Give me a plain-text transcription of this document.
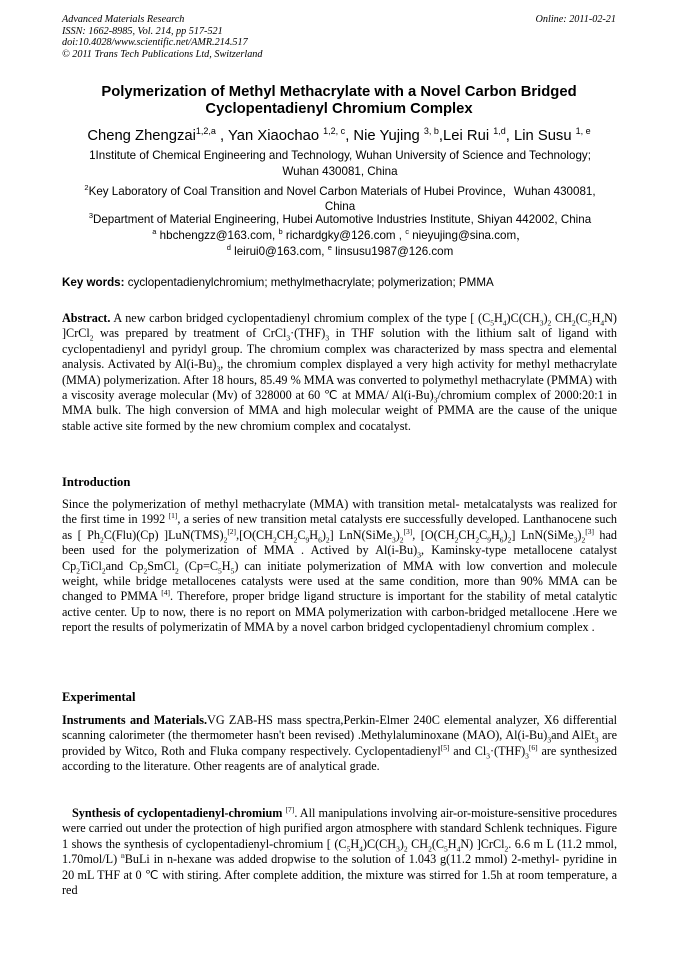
Advanced Materials Research
ISSN: 1662-8985, Vol. 214, pp 517-521
doi:10.4028/www.scientific.net/AMR.214.517
© 2011 Trans Tech Publications Ltd, Switzerland
Online: 2011-02-21
Polymerization of Methyl Methacrylate with a Novel Carbon Bridged
Cyclopentadienyl Chromium Complex
Cheng Zhengzai$^{1,2,a}$ , Yan Xiaochao $^{1,2, c}$, Nie Yujing $^{3, b}$,Lei Rui $^{1,d}$, Lin Susu $^{1, e}$
1Institute of Chemical Engineering and Technology, Wuhan University of Science and Technology;
Wuhan 430081, China
$^2$Key Laboratory of Coal Transition and Novel Carbon Materials of Hubei Province，Wuhan 430081,
China
$^3$Department of Material Engineering, Hubei Automotive Industries Institute, Shiyan 442002, China
$^a$ hbchengzz@163.com, $^b$ richardgky@126.com , $^c$ nieyujing@sina.com，
$^d$ leirui0@163.com, $^e$ linsusu1987@126.com
Key words: cyclopentadienylchromium; methylmethacrylate; polymerization; PMMA
Abstract. A new carbon bridged cyclopentadienyl chromium complex of the type [ $(C_5H_4)C(CH_3)_2$ $CH_2(C_5H_4N)$ ]CrCl$_2$ was prepared by treatment of $CrCl_3\cdot(THF)_3$ in THF solution with the lithium salt of ligand with cyclopentadienyl and pyridyl group. The chromium complex was characterized by mass spectra and elemental analysis. Activated by $Al(i-Bu)_3$, the chromium complex displayed a very high activity for methyl methacrylate (MMA) polymerization. After 18 hours, 85.49 % MMA was converted to polymethyl methacrylate (PMMA) with a viscosity average molecular (Mv) of 328000 at 60 ℃ at MMA/ $Al(i-Bu)_3$/chromium complex of 2000:20:1 in MMA bulk. The high conversion of MMA and high molecular weight of PMMA are the cause of the unique stable active site formed by the new chromium complex and cocatalyst.
Introduction
Since the polymerization of methyl methacrylate (MMA) with transition metal- metalcatalysts was realized for the first time in 1992 [1], a series of new transition metal catalysts ere successfully developed. Lanthanocene such as [ $Ph_2C(Flu)(Cp)$ ]$LuN(TMS)_2[2],[O(CH_2CH_2C_9H_6)_2]$ $LnN(SiMe_3)_2[3]$, $[O(CH_2CH_2C_9H_6)_2]$ $LnN(SiMe_3)_2[3]$ had been used for the polymerization of MMA . Actived by $Al(i-Bu)_3$, Kaminsky-type metallocene catalyst $Cp_2TiCl_2and$ $Cp_2SmCl_2$ $(Cp=C_5H_5)$ can initiate polymerization of MMA with low convertion and molecule weight, while bridge metallocenes catalysts were used at the same condition, more than 90% MMA can be changed to PMMA [4]. Therefore, proper bridge ligand structure is important for the stability of metal catalytic active center. Up to now, there is no report on MMA polymerization with carbon-bridged metallocene .Here we report the results of polymerizatin of MMA by a novel carbon bridged cyclopentadienyl chromium complex .
Experimental
Instruments and Materials.VG ZAB-HS mass spectra,Perkin-Elmer 240C elemental analyzer, X6 differential scanning calorimeter (the thermometer hasn't been revised) .Methylaluminoxane (MAO), $Al(i-Bu)_3and$ AlEt$_3$ are provided by Witco, Roth and Fluka company respectively. Cyclopentadienyl[5] and $Cl_3\cdot(THF)_3[6]$ are synthesized according to the literature. Other reagents are of analytical grade.
Synthesis of cyclopentadienyl-chromium [7]. All manipulations involving air-or-moisture-sensitive procedures were carried out under the protection of high purified argon atmosphere with standard Schlenk techniques. Figure 1 shows the synthesis of cyclopentadienyl-chromium [ $(C_5H_4)C(CH_3)_2$ $CH_2(C_5H_4N)$ ]CrCl$_2$. 6.6 m L (11.2 mmol, 1.70mol/L) $^n$BuLi in n-hexane was added dropwise to the solution of 1.043 g(11.2 mmol) 2-methyl- pyridine in 20 mL THF at 0 ℃ with stiring. After complete addition, the mixture was stirred for 1.5h at room temperature, a red
